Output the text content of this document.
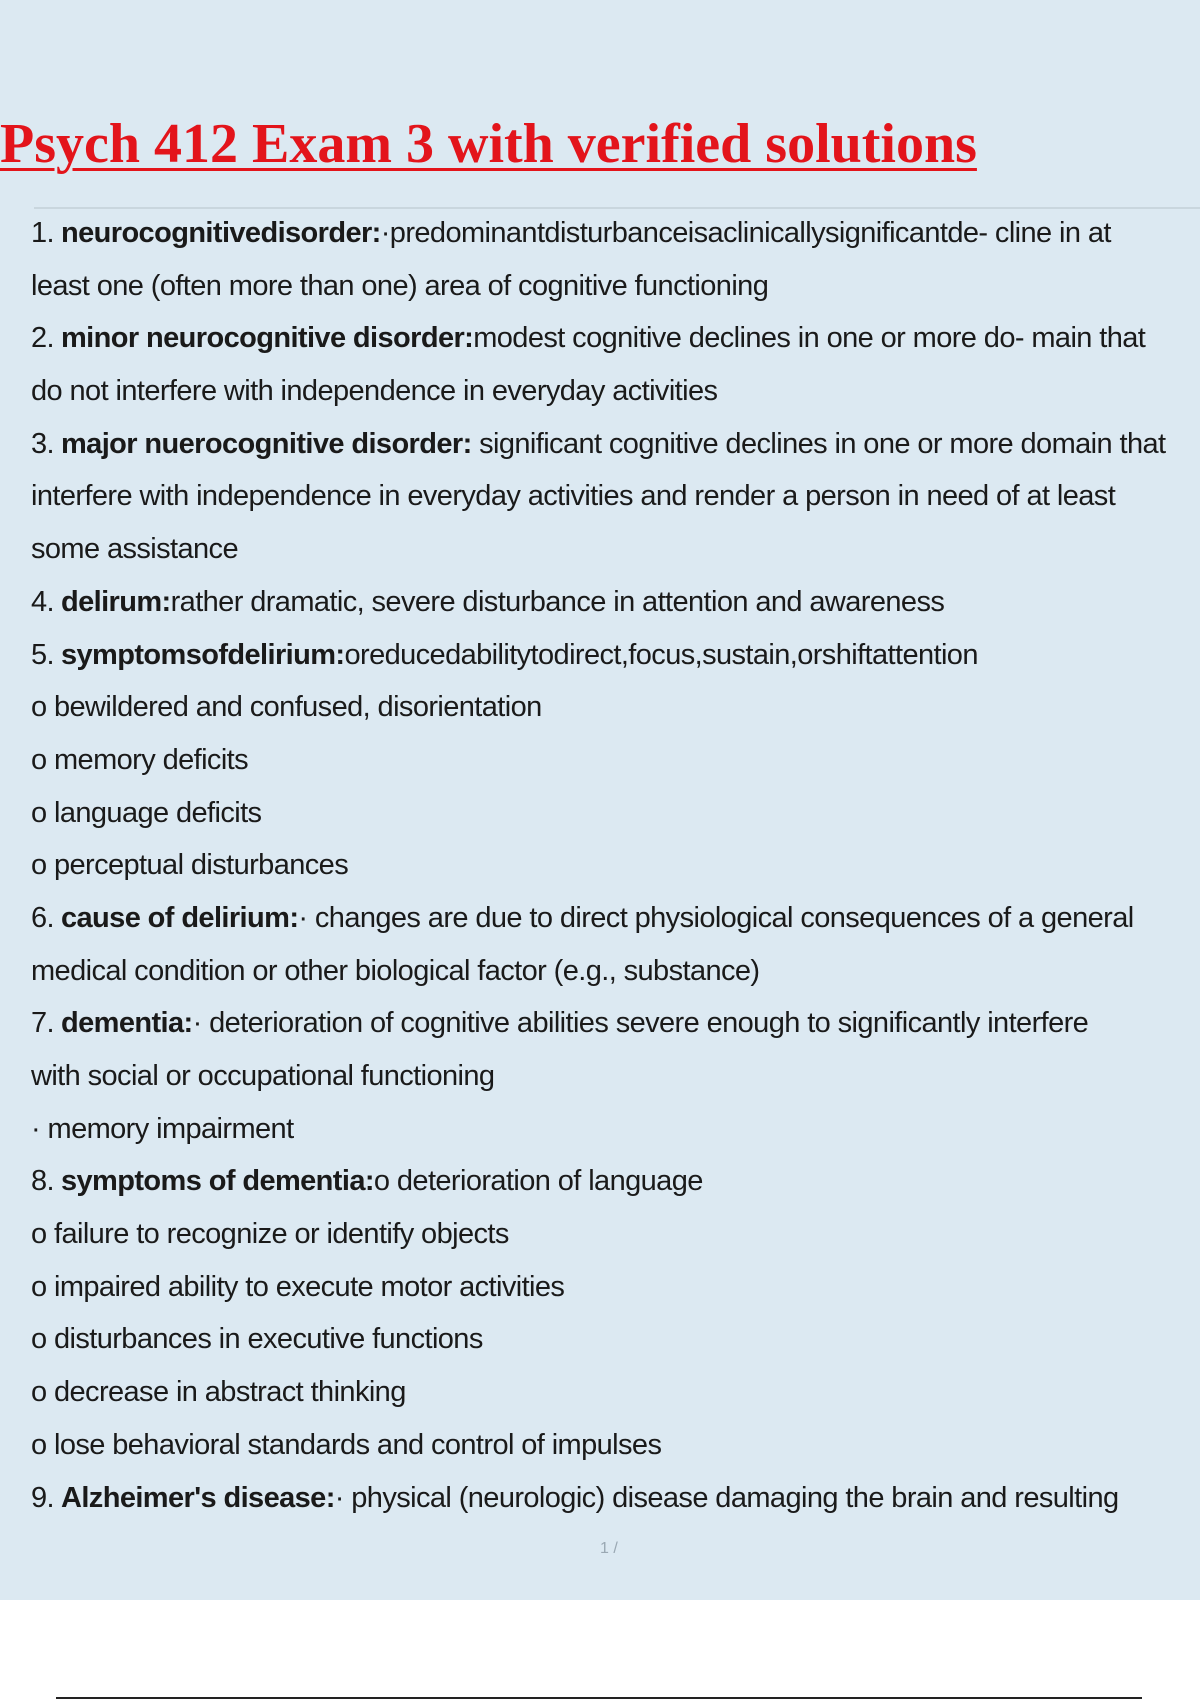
Psych 412 Exam 3 with verified solutions
1. neurocognitivedisorder:·predominantdisturbanceisaclinicallysignificantde- cline in at
least one (often more than one) area of cognitive functioning
2. minor neurocognitive disorder:modest cognitive declines in one or more do- main that
do not interfere with independence in everyday activities
3. major nuerocognitive disorder: significant cognitive declines in one or more domain that
interfere with independence in everyday activities and render a person in need of at least
some assistance
4. delirum:rather dramatic, severe disturbance in attention and awareness
5. symptomsofdelirium:oreducedabilitytodirect,focus,sustain,orshiftattention
o bewildered and confused, disorientation
o memory deficits
o language deficits
o perceptual disturbances
6. cause of delirium:· changes are due to direct physiological consequences of a general
medical condition or other biological factor (e.g., substance)
7. dementia:· deterioration of cognitive abilities severe enough to significantly interfere
with social or occupational functioning
· memory impairment
8. symptoms of dementia:o deterioration of language
o failure to recognize or identify objects
o impaired ability to execute motor activities
o disturbances in executive functions
o decrease in abstract thinking
o lose behavioral standards and control of impulses
9. Alzheimer's disease:· physical (neurologic) disease damaging the brain and resulting
1 /
